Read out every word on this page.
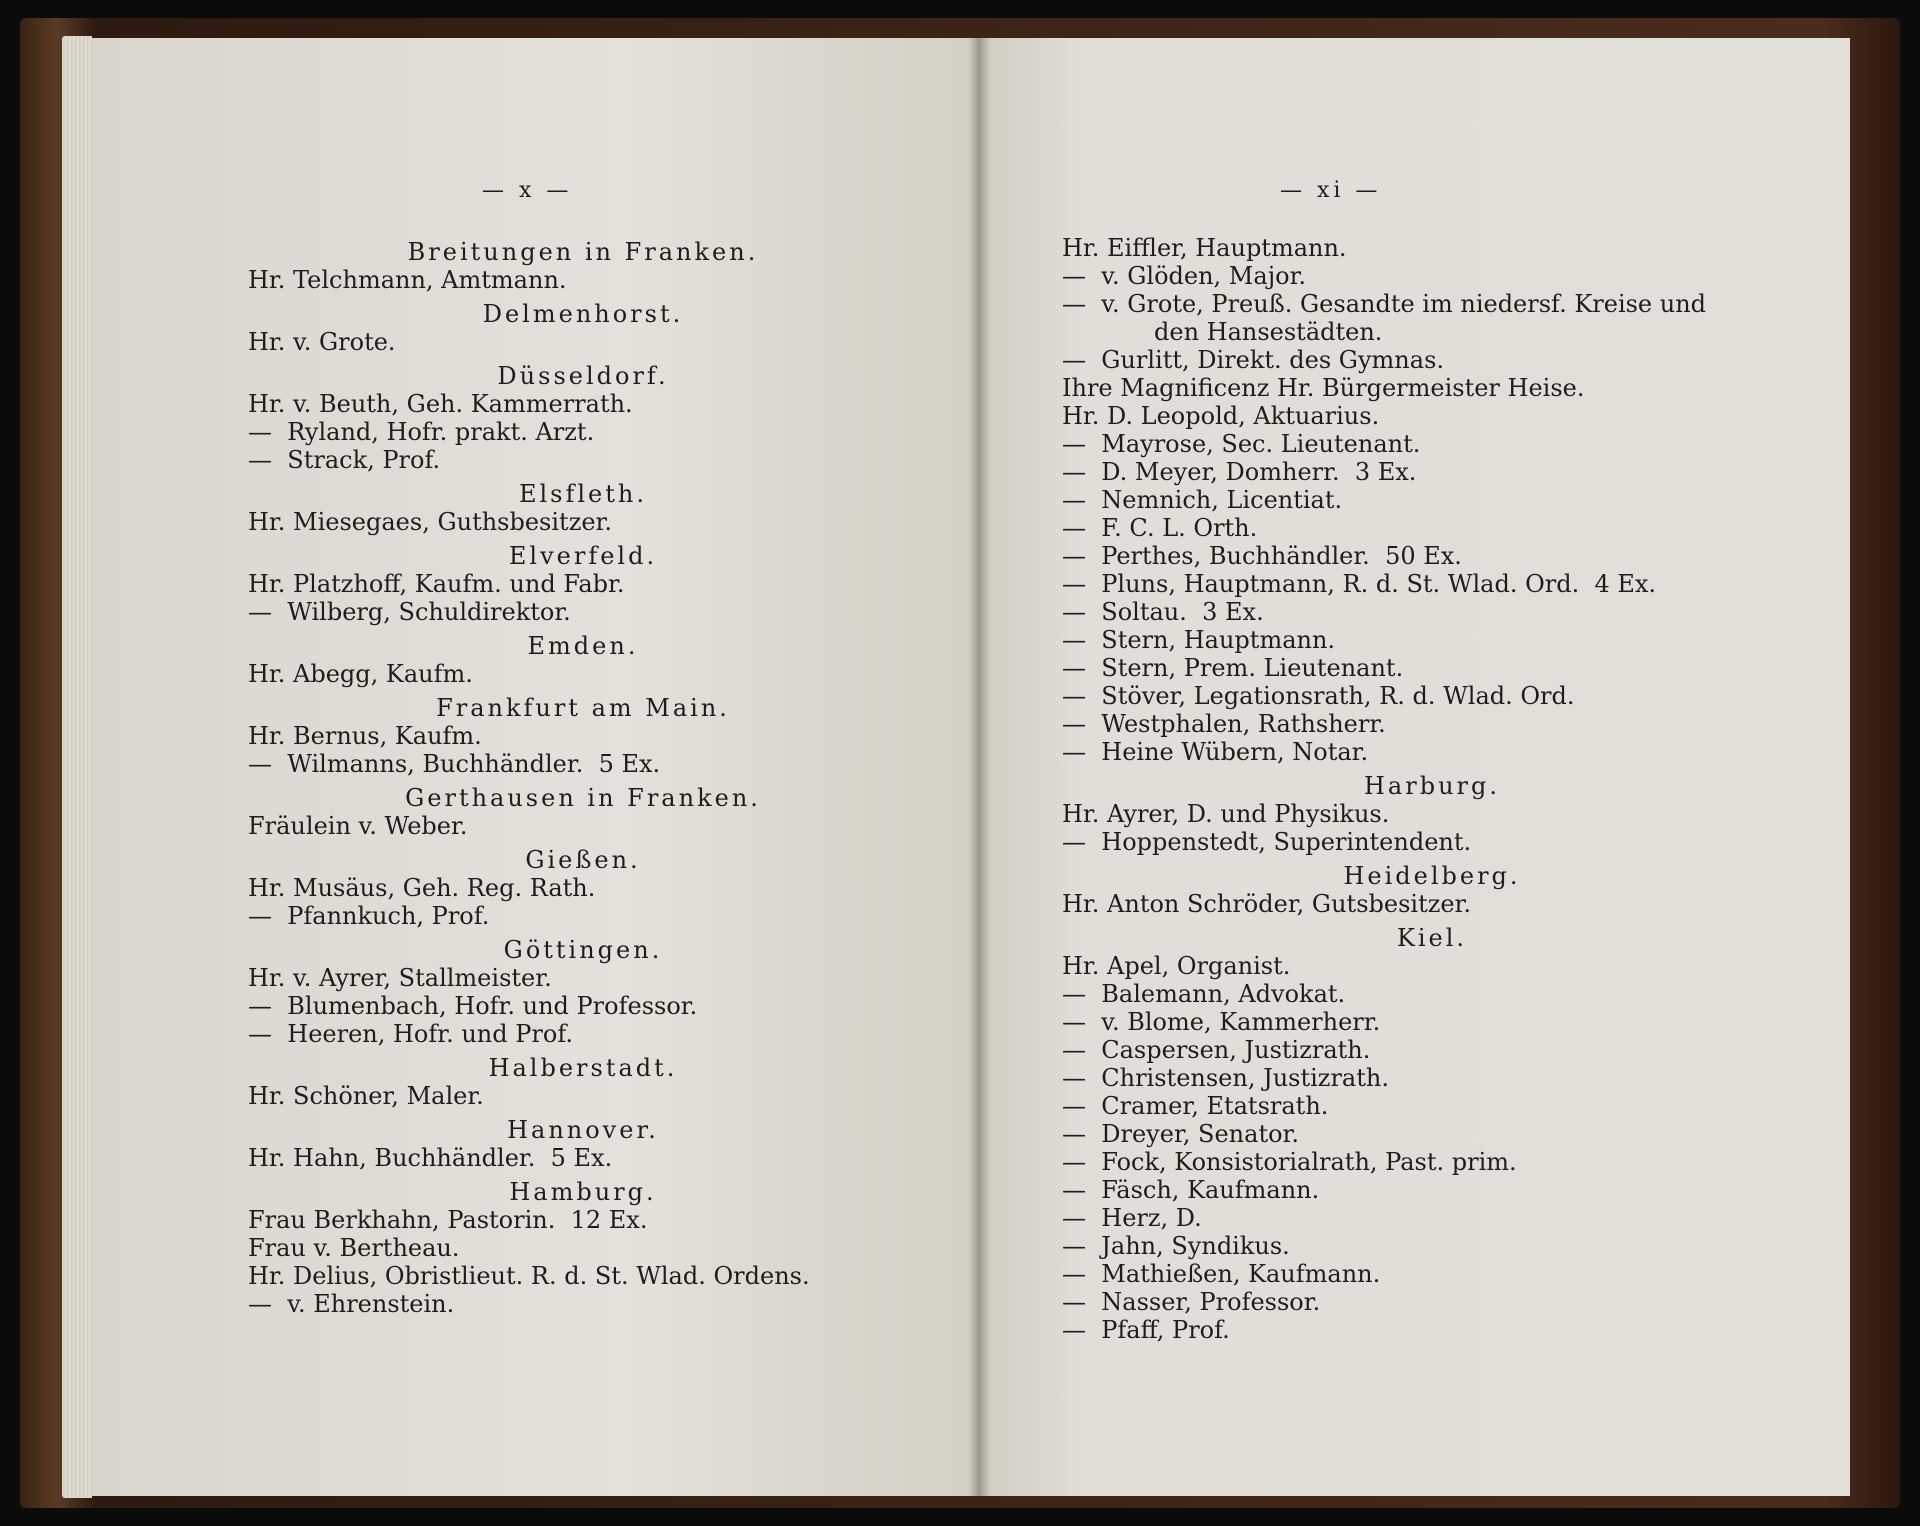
— x —
Breitungen in Franken.
Hr. Telchmann, Amtmann.
Delmenhorst.
Hr. v. Grote.
Düsseldorf.
Hr. v. Beuth, Geh. Kammerrath.
—  Ryland, Hofr. prakt. Arzt.
—  Strack, Prof.
Elsfleth.
Hr. Miesegaes, Guthsbesitzer.
Elverfeld.
Hr. Platzhoff, Kaufm. und Fabr.
—  Wilberg, Schuldirektor.
Emden.
Hr. Abegg, Kaufm.
Frankfurt am Main.
Hr. Bernus, Kaufm.
—  Wilmanns, Buchhändler.  5 Ex.
Gerthausen in Franken.
Fräulein v. Weber.
Gießen.
Hr. Musäus, Geh. Reg. Rath.
—  Pfannkuch, Prof.
Göttingen.
Hr. v. Ayrer, Stallmeister.
—  Blumenbach, Hofr. und Professor.
—  Heeren, Hofr. und Prof.
Halberstadt.
Hr. Schöner, Maler.
Hannover.
Hr. Hahn, Buchhändler.  5 Ex.
Hamburg.
Frau Berkhahn, Pastorin.  12 Ex.
Frau v. Bertheau.
Hr. Delius, Obristlieut. R. d. St. Wlad. Ordens.
—  v. Ehrenstein.
— xi —
Hr. Eiffler, Hauptmann.
—  v. Glöden, Major.
—  v. Grote, Preuß. Gesandte im niedersf. Kreise und
den Hansestädten.
—  Gurlitt, Direkt. des Gymnas.
Ihre Magnificenz Hr. Bürgermeister Heise.
Hr. D. Leopold, Aktuarius.
—  Mayrose, Sec. Lieutenant.
—  D. Meyer, Domherr.  3 Ex.
—  Nemnich, Licentiat.
—  F. C. L. Orth.
—  Perthes, Buchhändler.  50 Ex.
—  Pluns, Hauptmann, R. d. St. Wlad. Ord.  4 Ex.
—  Soltau.  3 Ex.
—  Stern, Hauptmann.
—  Stern, Prem. Lieutenant.
—  Stöver, Legationsrath, R. d. Wlad. Ord.
—  Westphalen, Rathsherr.
—  Heine Wübern, Notar.
Harburg.
Hr. Ayrer, D. und Physikus.
—  Hoppenstedt, Superintendent.
Heidelberg.
Hr. Anton Schröder, Gutsbesitzer.
Kiel.
Hr. Apel, Organist.
—  Balemann, Advokat.
—  v. Blome, Kammerherr.
—  Caspersen, Justizrath.
—  Christensen, Justizrath.
—  Cramer, Etatsrath.
—  Dreyer, Senator.
—  Fock, Konsistorialrath, Past. prim.
—  Fäsch, Kaufmann.
—  Herz, D.
—  Jahn, Syndikus.
—  Mathießen, Kaufmann.
—  Nasser, Professor.
—  Pfaff, Prof.
